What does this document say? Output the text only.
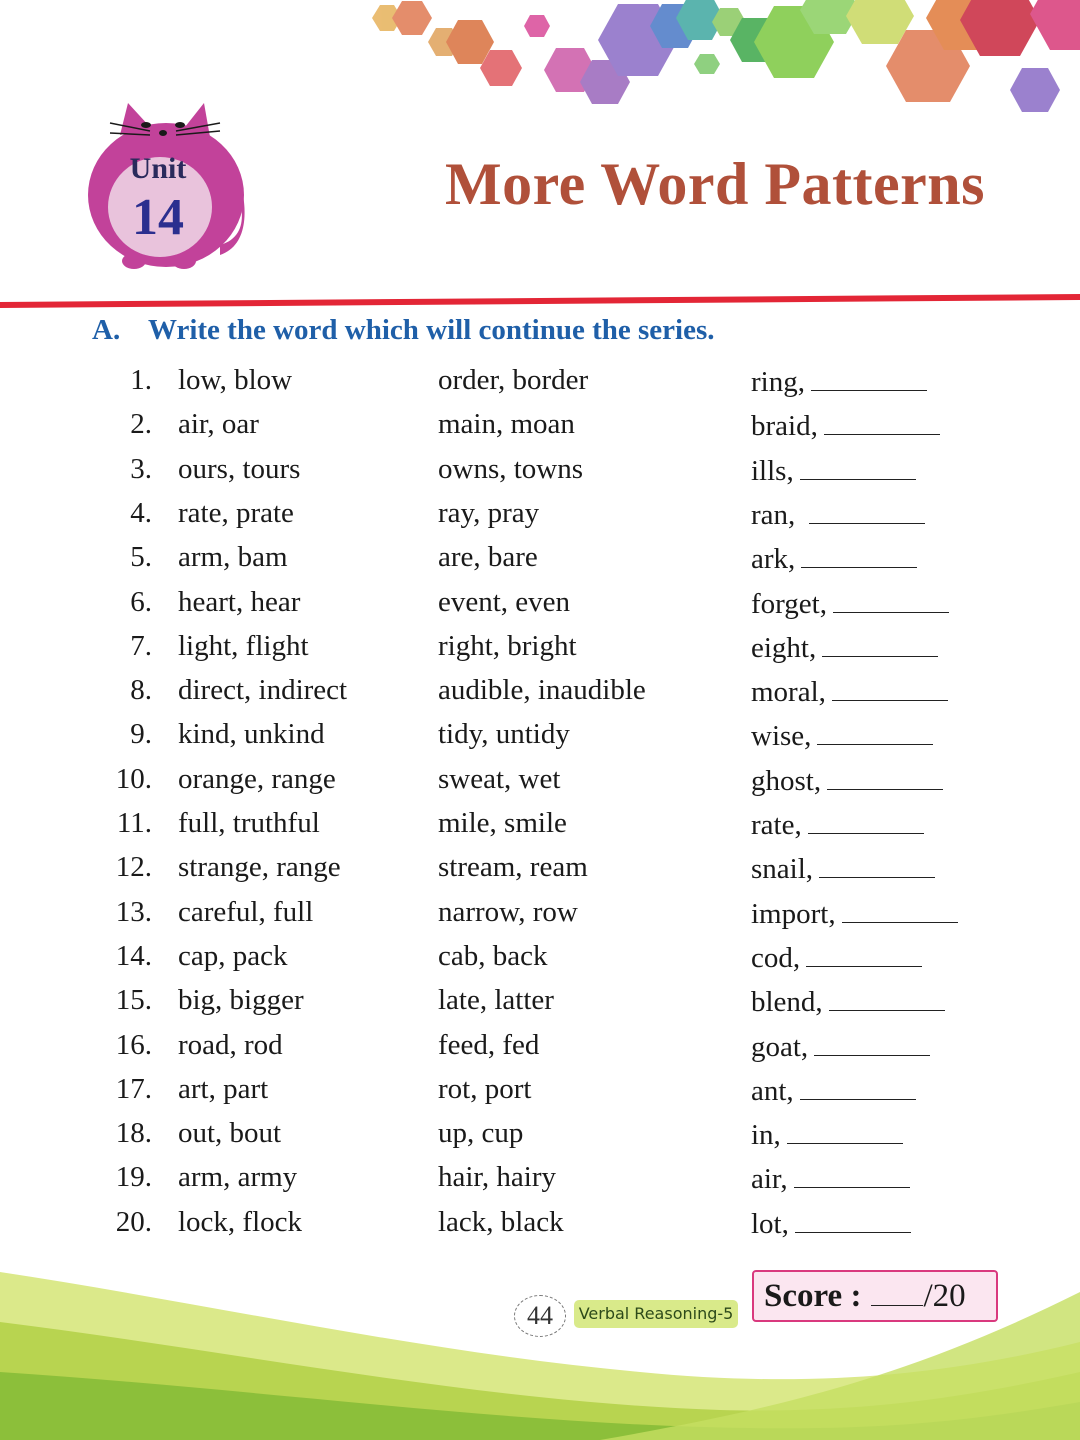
Unit
14
More Word Patterns
A. Write the word which will continue the series.
1. low, blow	order, border	ring,
2. air, oar	main, moan	braid,
3. ours, tours	owns, towns	ills,
4. rate, prate	ray, pray	ran,
5. arm, bam	are, bare	ark,
6. heart, hear	event, even	forget,
7. light, flight	right, bright	eight,
8. direct, indirect	audible, inaudible	moral,
9. kind, unkind	tidy, untidy	wise,
10. orange, range	sweat, wet	ghost,
11. full, truthful	mile, smile	rate,
12. strange, range	stream, ream	snail,
13. careful, full	narrow, row	import,
14. cap, pack	cab, back	cod,
15. big, bigger	late, latter	blend,
16. road, rod	feed, fed	goat,
17. art, part	rot, port	ant,
18. out, bout	up, cup	in,
19. arm, army	hair, hairy	air,
20. lock, flock	lack, black	lot,
44	Verbal Reasoning-5 Score : /20
